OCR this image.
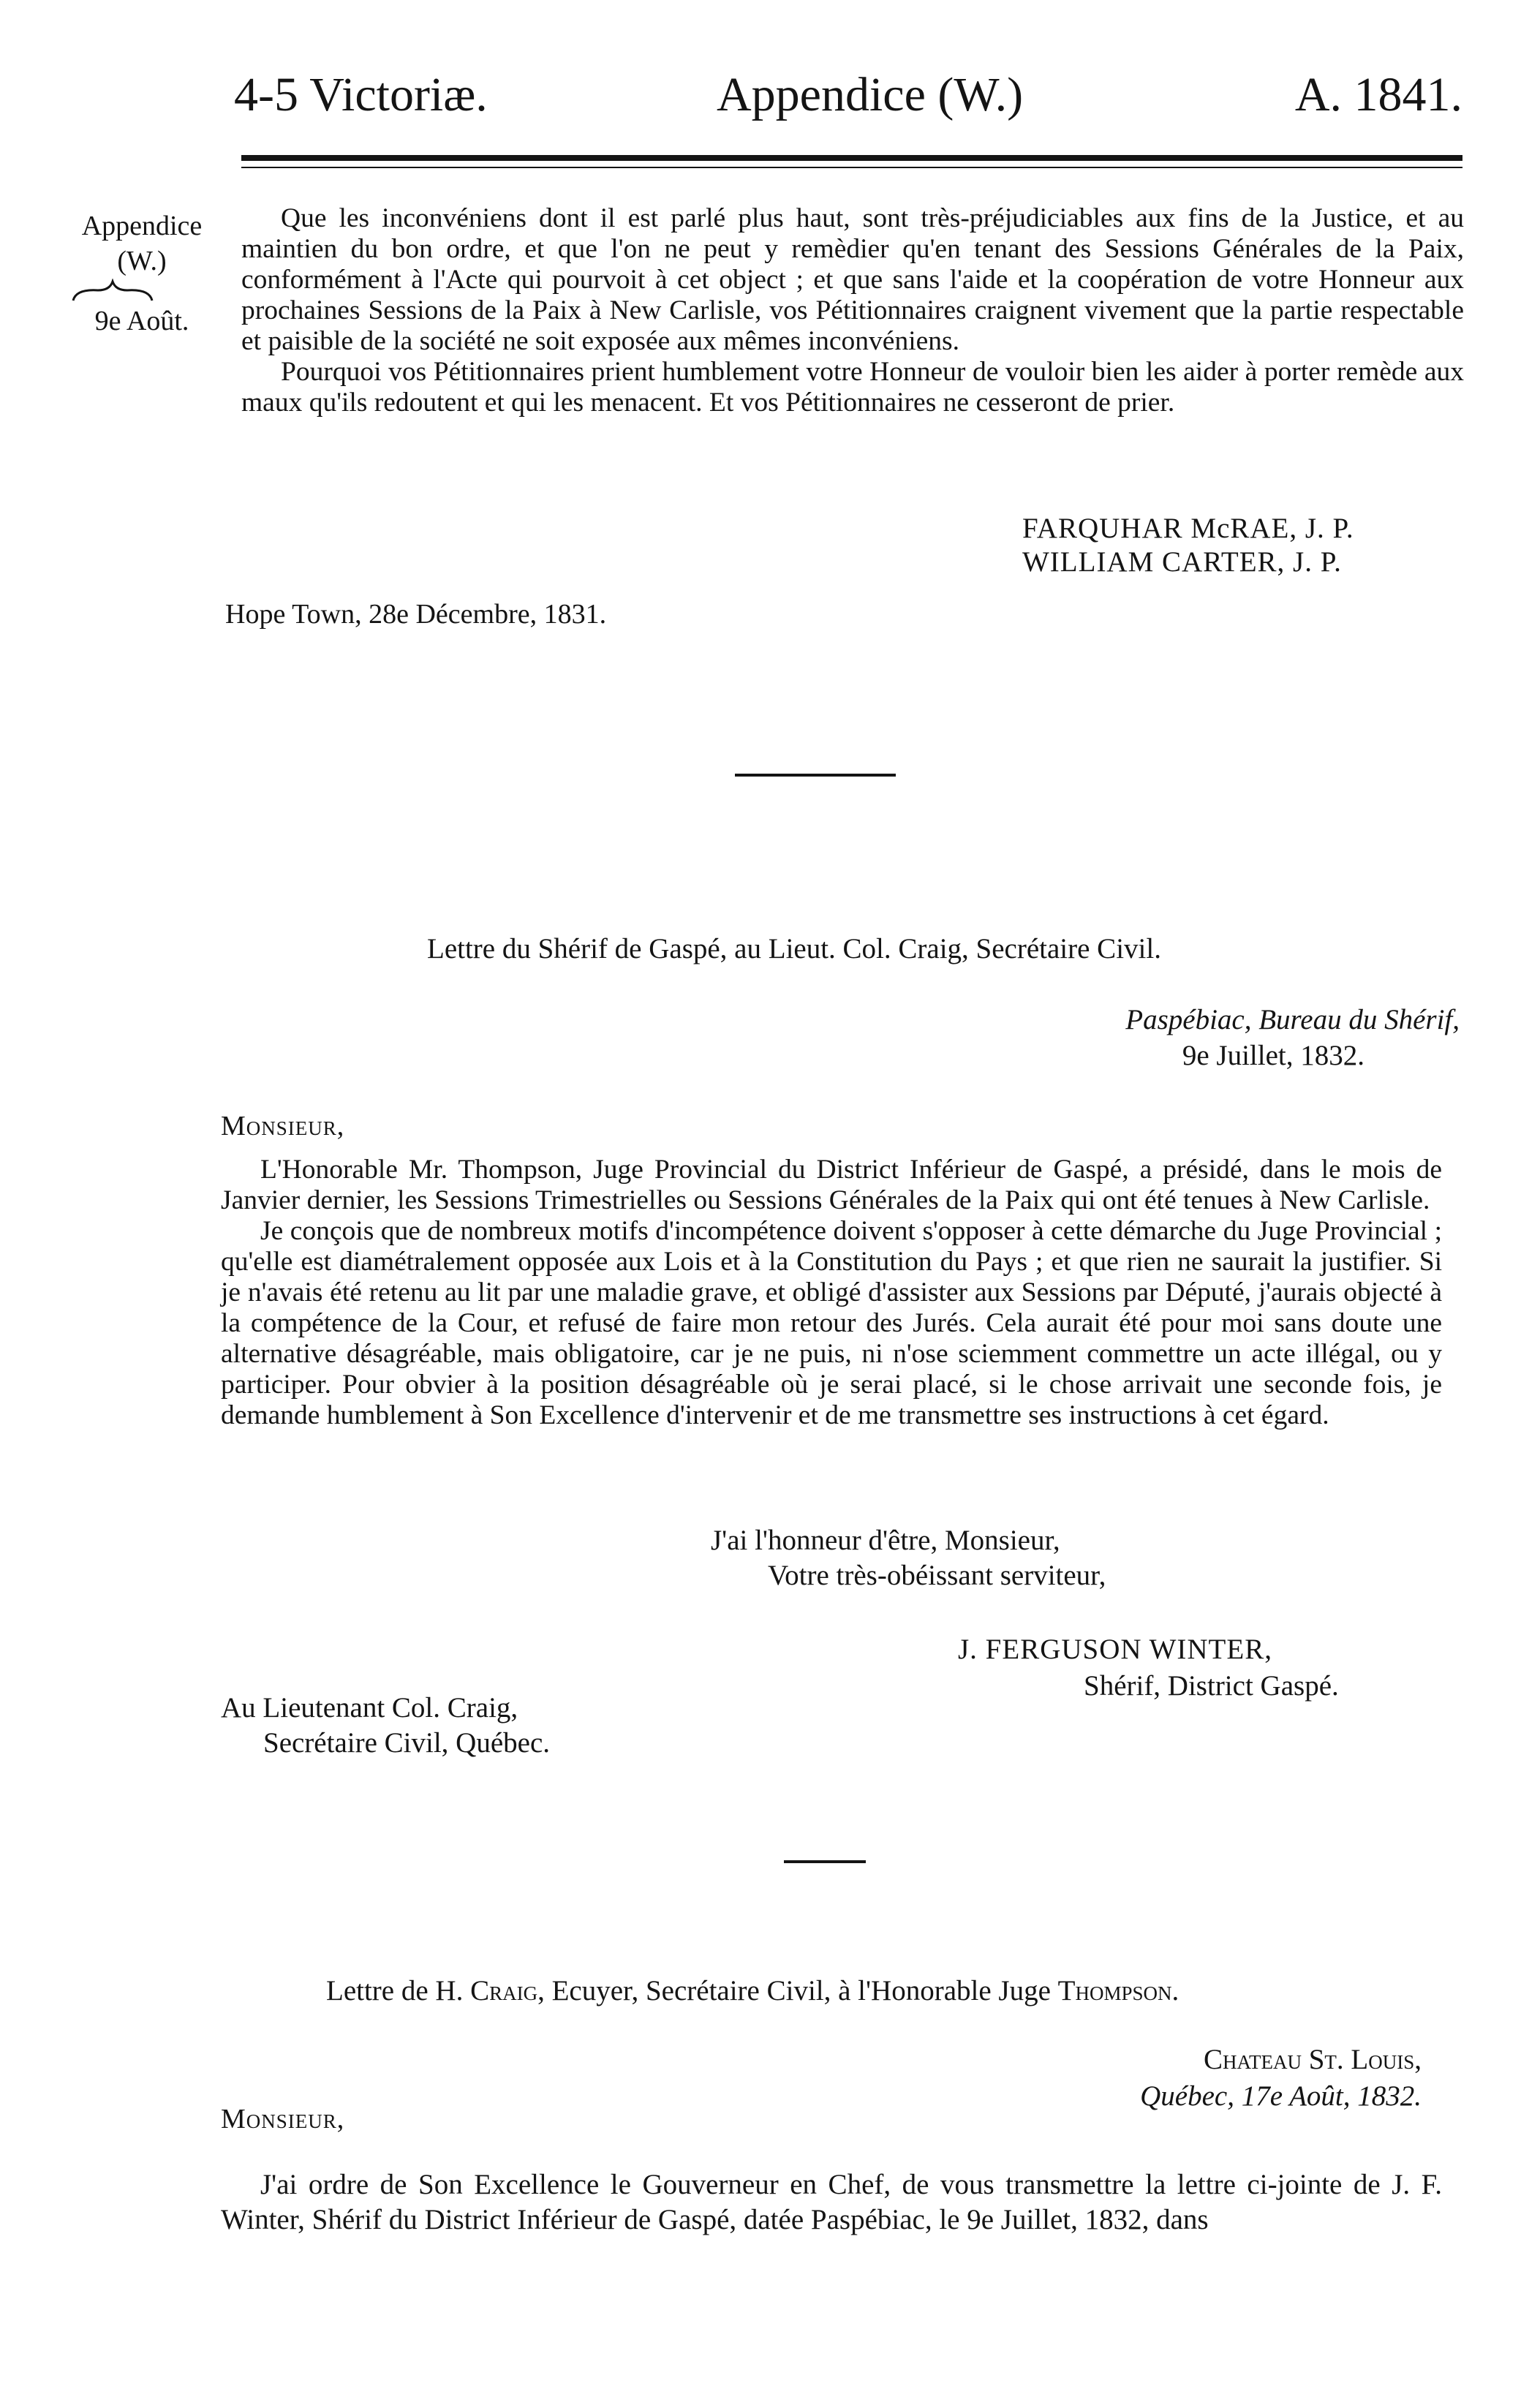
4-5 Victoriæ.	Appendice (W.)	A. 1841.
Appendice
(W.)
9e Août.

Que les inconvéniens dont il est parlé plus haut, sont très-préjudiciables aux fins de la Justice, et au maintien du bon ordre, et que l'on ne peut y remèdier qu'en tenant des Sessions Générales de la Paix, conformément à l'Acte qui pourvoit à cet object ; et que sans l'aide et la coopération de votre Honneur aux prochaines Sessions de la Paix à New Carlisle, vos Pétitionnaires craignent vivement que la partie respectable et paisible de la société ne soit exposée aux mêmes inconvéniens.

Pourquoi vos Pétitionnaires prient humblement votre Honneur de vouloir bien les aider à porter remède aux maux qu'ils redoutent et qui les menacent. Et vos Pétitionnaires ne cesseront de prier.

FARQUHAR McRAE, J. P.
WILLIAM CARTER, J. P.
Hope Town, 28e Décembre, 1831.
Lettre du Shérif de Gaspé, au Lieut. Col. Craig, Secrétaire Civil.
Paspébiac, Bureau du Shérif,
9e Juillet, 1832.
Monsieur,

L'Honorable Mr. Thompson, Juge Provincial du District Inférieur de Gaspé, a présidé, dans le mois de Janvier dernier, les Sessions Trimestrielles ou Sessions Générales de la Paix qui ont été tenues à New Carlisle.

Je conçois que de nombreux motifs d'incompétence doivent s'opposer à cette démarche du Juge Provincial ; qu'elle est diamétralement opposée aux Lois et à la Constitution du Pays ; et que rien ne saurait la justifier. Si je n'avais été retenu au lit par une maladie grave, et obligé d'assister aux Sessions par Député, j'aurais objecté à la compétence de la Cour, et refusé de faire mon retour des Jurés. Cela aurait été pour moi sans doute une alternative désagréable, mais obligatoire, car je ne puis, ni n'ose sciemment commettre un acte illégal, ou y participer. Pour obvier à la position désagréable où je serai placé, si le chose arrivait une seconde fois, je demande humblement à Son Excellence d'intervenir et de me transmettre ses instructions à cet égard.

J'ai l'honneur d'être, Monsieur,
Votre très-obéissant serviteur,
J. FERGUSON WINTER,
Shérif, District Gaspé.
Au Lieutenant Col. Craig,
Secrétaire Civil, Québec.
Lettre de H. Craig, Ecuyer, Secrétaire Civil, à l'Honorable Juge Thompson.
Chateau St. Louis,
Québec, 17e Août, 1832.
Monsieur,

J'ai ordre de Son Excellence le Gouverneur en Chef, de vous transmettre la lettre ci-jointe de J. F. Winter, Shérif du District Inférieur de Gaspé, datée Paspébiac, le 9e Juillet, 1832, dans
